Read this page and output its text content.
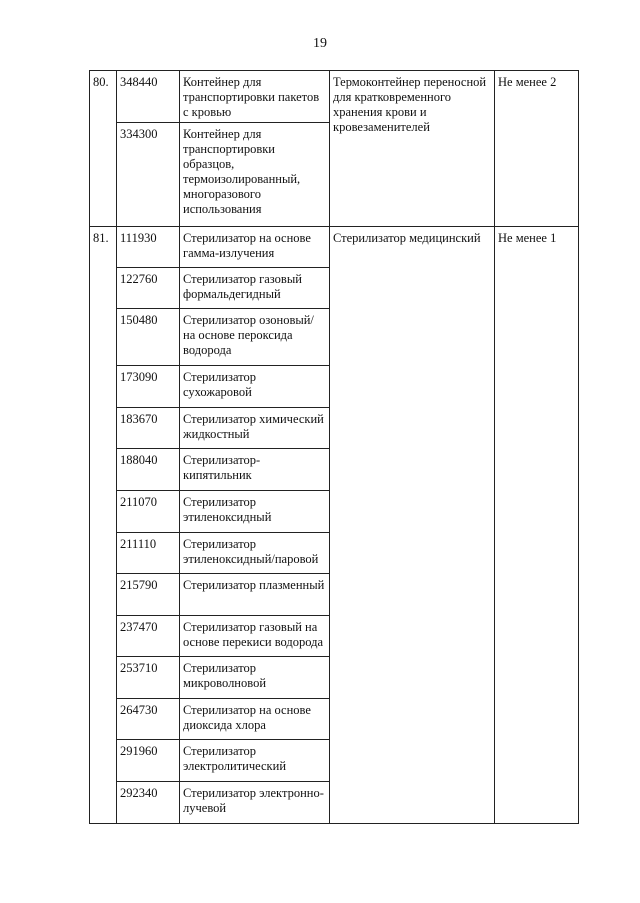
19
80.	348440	Контейнер для транспортировки пакетов с кровью	Термоконтейнер переносной для кратковременного хранения крови и кровезаменителей	Не менее 2
	334300	Контейнер для транспортировки образцов, термоизолированный, многоразового использования		
81.	111930	Стерилизатор на основе гамма-излучения	Стерилизатор медицинский	Не менее 1
	122760	Стерилизатор газовый формальдегидный		
	150480	Стерилизатор озоновый/на основе пероксида водорода		
	173090	Стерилизатор сухожаровой		
	183670	Стерилизатор химический жидкостный		
	188040	Стерилизатор-кипятильник		
	211070	Стерилизатор этиленоксидный		
	211110	Стерилизатор этиленоксидный/паровой		
	215790	Стерилизатор плазменный		
	237470	Стерилизатор газовый на основе перекиси водорода		
	253710	Стерилизатор микроволновой		
	264730	Стерилизатор на основе диоксида хлора		
	291960	Стерилизатор электролитический		
	292340	Стерилизатор электронно-лучевой		
